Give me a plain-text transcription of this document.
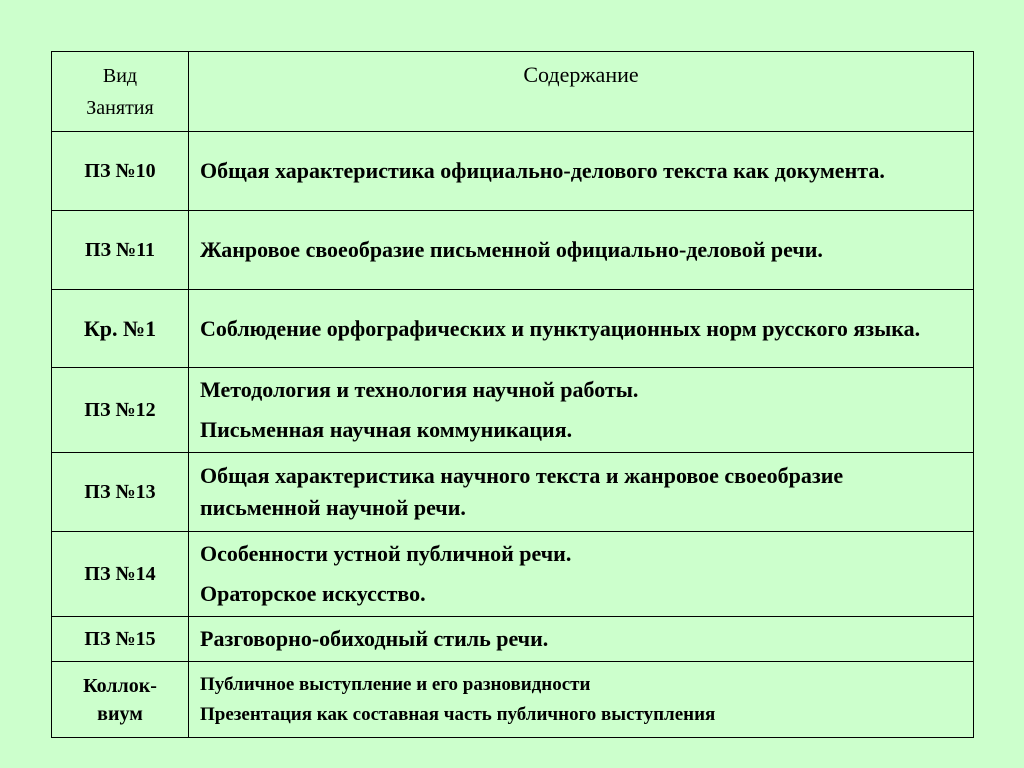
Вид
Занятия	Содержание
ПЗ №10	Общая характеристика официально-делового текста как документа.

ПЗ №11	Жанровое своеобразие письменной официально-деловой речи.

Кр. №1	Соблюдение орфографических и пунктуационных норм русского языка.

ПЗ №12	Методология и технология научной работы.
Письменная научная коммуникация.

ПЗ №13	Общая характеристика научного текста и жанровое своеобразие письменной научной речи.

ПЗ №14	Особенности устной публичной речи.
Ораторское искусство.

ПЗ №15	Разговорно-обиходный стиль речи.

Коллок-
виум	Публичное выступление и его разновидности
Презентация как составная часть публичного выступления
